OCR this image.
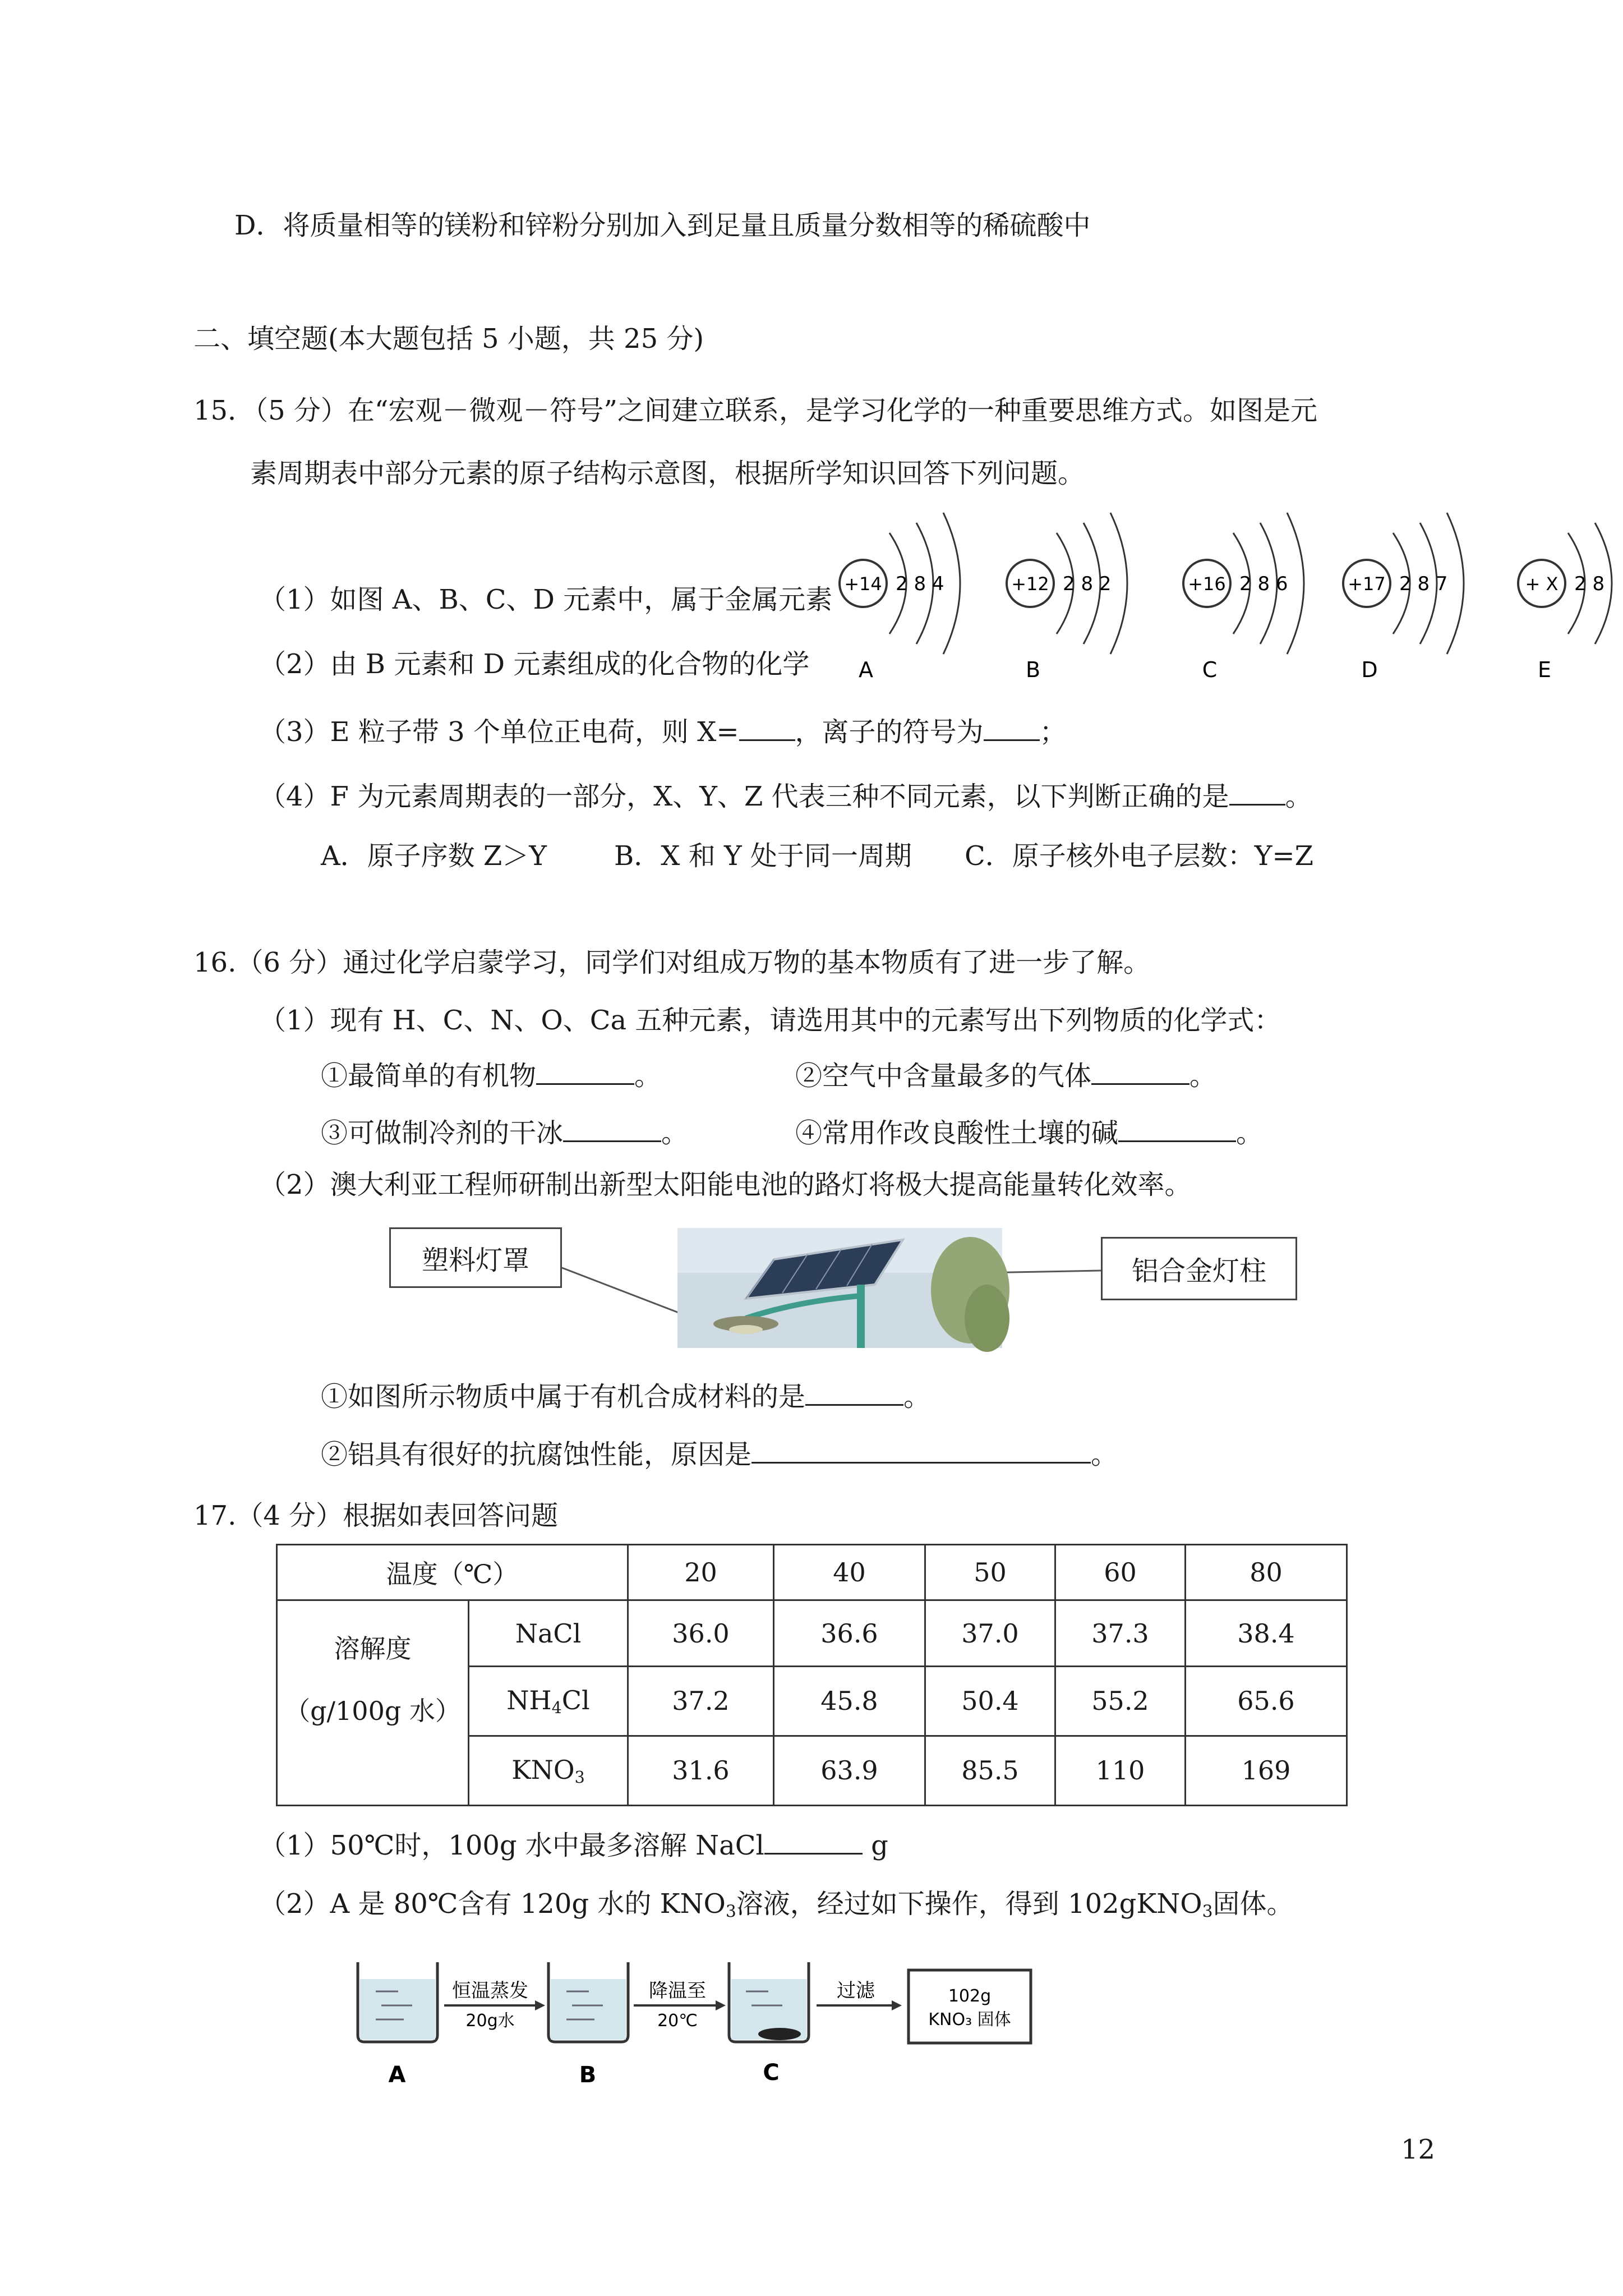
D．将质量相等的镁粉和锌粉分别加入到足量且质量分数相等的稀硫酸中
二、填空题(本大题包括 5 小题，共 25 分)
15．（5 分）在“宏观－微观－符号”之间建立联系，是学习化学的一种重要思维方式。如图是元
素周期表中部分元素的原子结构示意图，根据所学知识回答下列问题。
+14 2 8 4
A
+12 2 8 2
B
+16 2 8 6
C
+17 2 8 7
D
+ X 2 8
E
（1）如图 A、B、C、D 元素中，属于金属元素
（2）由 B 元素和 D 元素组成的化合物的化学
（3）E 粒子带 3 个单位正电荷，则 X= ，离子的符号为 ；
（4）F 为元素周期表的一部分，X、Y、Z 代表三种不同元素，以下判断正确的是 。
A．原子序数 Z＞Y	B．X 和 Y 处于同一周期 C．原子核外电子层数：Y=Z
16.（6 分）通过化学启蒙学习，同学们对组成万物的基本物质有了进一步了解。
（1）现有 H、C、N、O、Ca 五种元素，请选用其中的元素写出下列物质的化学式：
①最简单的有机物	。	②空气中含量最多的气体	。
③可做制冷剂的干冰	。	④常用作改良酸性土壤的碱	。
（2）澳大利亚工程师研制出新型太阳能电池的路灯将极大提高能量转化效率。
塑料灯罩	铝合金灯柱
①如图所示物质中属于有机合成材料的是	。
②铝具有很好的抗腐蚀性能，原因是	。
17.（4 分）根据如表回答问题
温度（℃）		20	40	50	60	80

溶解度
（g/100g 水）	NaCl	36.0	36.6	37.0	37.3	38.4
	$NH_4Cl$	37.2	45.8	50.4	55.2	65.6
	$KNO_3$	31.6	63.9	85.5	110	169
（1）50℃时，100g 水中最多溶解 NaCl	g
（2）A 是 80℃含有 120g 水的 $KNO_3$溶液，经过如下操作，得到 102gKNO$_3$固体。
恒温蒸发
20g水
降温至
20℃
过滤	102g
KNO₃ 固体
A	B	C
12
